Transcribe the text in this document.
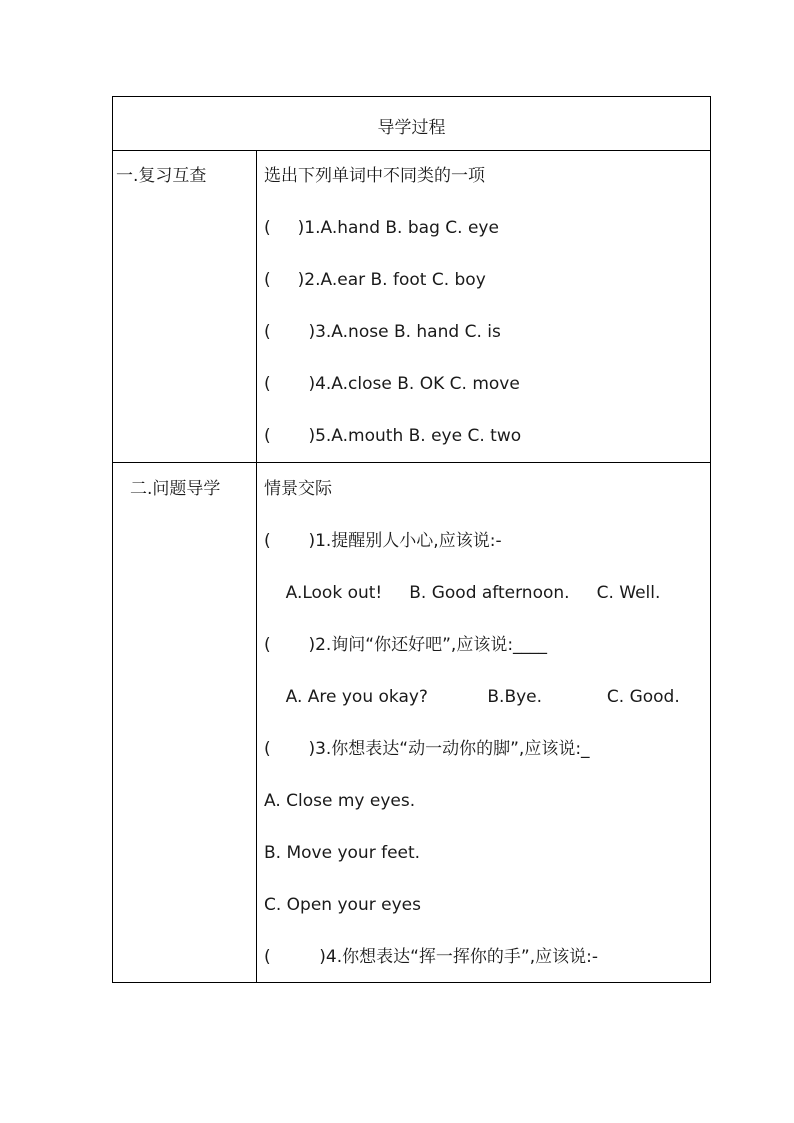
导学过程
一.复习互查	选出下列单词中不同类的一项
(     )1.A.hand B. bag C. eye
(     )2.A.ear B. foot C. boy
(       )3.A.nose B. hand C. is
(       )4.A.close B. OK C. move
(       )5.A.mouth B. eye C. two
二.问题导学	情景交际
(       )1.提醒别人小心,应该说:-
A.Look out!     B. Good afternoon.     C. Well.
(       )2.询问“你还好吧”,应该说:____
A. Are you okay?           B.Bye.            C. Good.
(       )3.你想表达“动一动你的脚”,应该说:_
A. Close my eyes.
B. Move your feet.
C. Open your eyes
(         )4.你想表达“挥一挥你的手”,应该说:-
